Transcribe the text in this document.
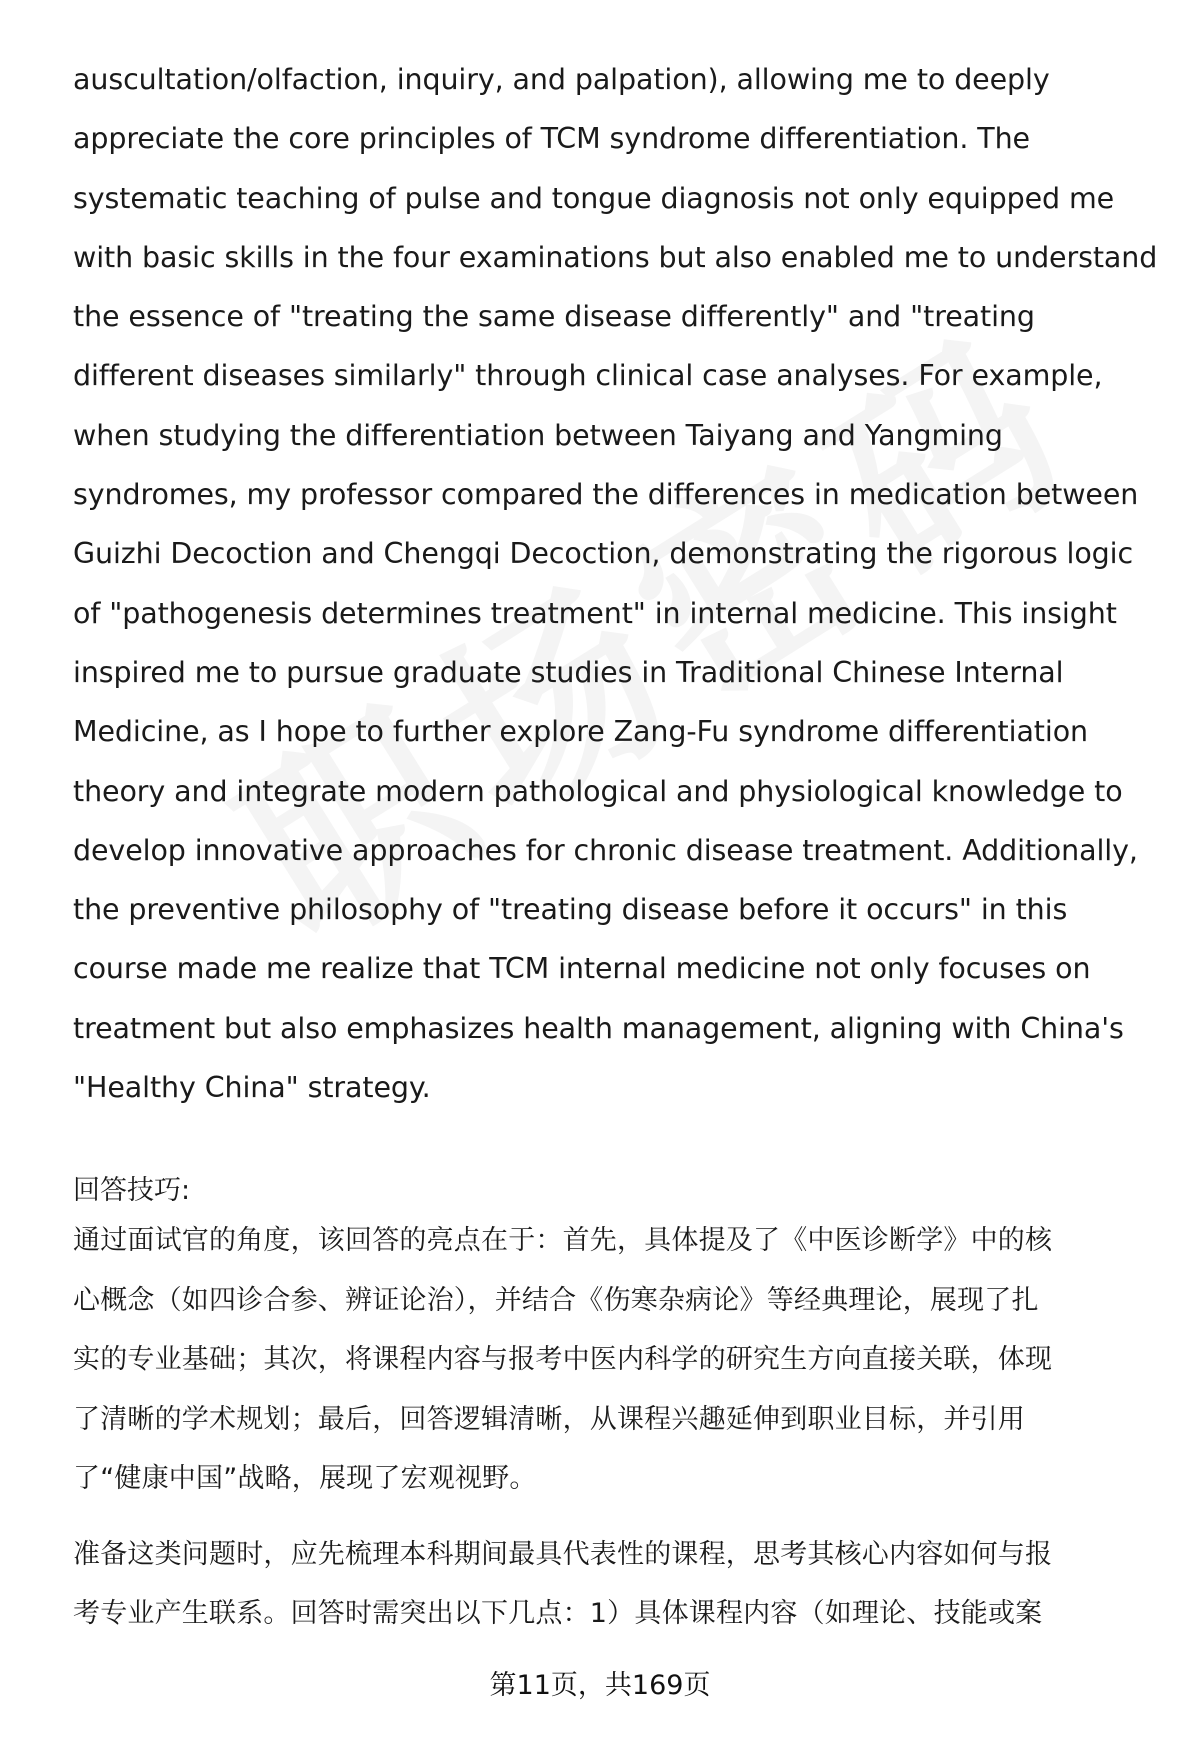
auscultation/olfaction, inquiry, and palpation), allowing me to deeply
appreciate the core principles of TCM syndrome differentiation. The
systematic teaching of pulse and tongue diagnosis not only equipped me
with basic skills in the four examinations but also enabled me to understand
the essence of "treating the same disease differently" and "treating
different diseases similarly" through clinical case analyses. For example,
when studying the differentiation between Taiyang and Yangming
syndromes, my professor compared the differences in medication between
Guizhi Decoction and Chengqi Decoction, demonstrating the rigorous logic
of "pathogenesis determines treatment" in internal medicine. This insight
inspired me to pursue graduate studies in Traditional Chinese Internal
Medicine, as I hope to further explore Zang-Fu syndrome differentiation
theory and integrate modern pathological and physiological knowledge to
develop innovative approaches for chronic disease treatment. Additionally,
the preventive philosophy of "treating disease before it occurs" in this
course made me realize that TCM internal medicine not only focuses on
treatment but also emphasizes health management, aligning with China's
"Healthy China" strategy.

回答技巧:

通过面试官的角度，该回答的亮点在于：首先，具体提及了《中医诊断学》中的核
心概念（如四诊合参、辨证论治），并结合《伤寒杂病论》等经典理论，展现了扎
实的专业基础；其次，将课程内容与报考中医内科学的研究生方向直接关联，体现
了清晰的学术规划；最后，回答逻辑清晰，从课程兴趣延伸到职业目标，并引用
了“健康中国”战略，展现了宏观视野。

准备这类问题时，应先梳理本科期间最具代表性的课程，思考其核心内容如何与报
考专业产生联系。回答时需突出以下几点：1）具体课程内容（如理论、技能或案

第11页，共169页
